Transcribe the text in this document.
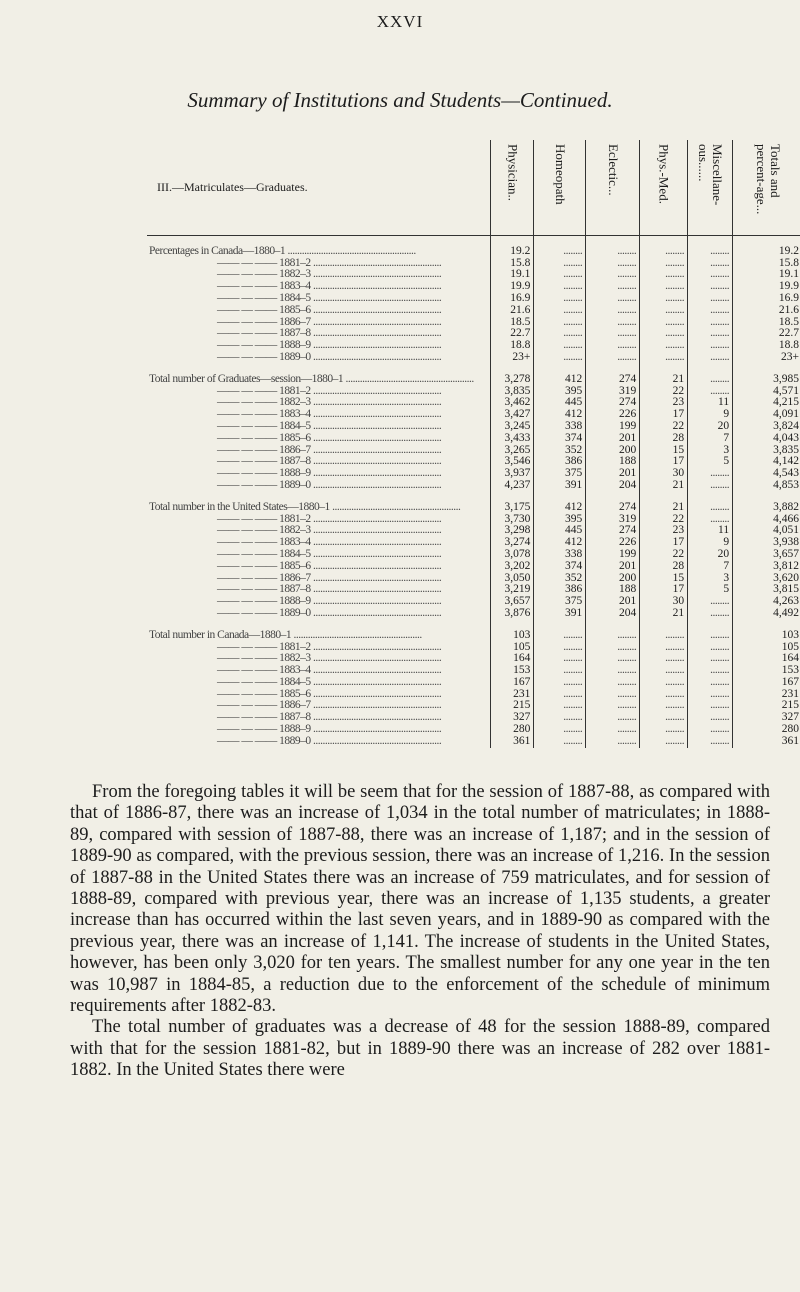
XXVI
Summary of Institutions and Students—Continued.
III.—Matriculates—Graduates.	Physician..	Homeopath	Eclectic...	Phys.-Med.	Miscellane-ous......	Totals and percent-age...

Percentages in Canada—1880–1 ......................................................	19.2	........	........	........	........	19.2
—— — —— 1881–2 ......................................................	15.8	........	........	........	........	15.8
—— — —— 1882–3 ......................................................	19.1	........	........	........	........	19.1
—— — —— 1883–4 ......................................................	19.9	........	........	........	........	19.9
—— — —— 1884–5 ......................................................	16.9	........	........	........	........	16.9
—— — —— 1885–6 ......................................................	21.6	........	........	........	........	21.6
—— — —— 1886–7 ......................................................	18.5	........	........	........	........	18.5
—— — —— 1887–8 ......................................................	22.7	........	........	........	........	22.7
—— — —— 1888–9 ......................................................	18.8	........	........	........	........	18.8
—— — —— 1889–0 ......................................................	23+	........	........	........	........	23+

Total number of Graduates—session—1880–1 ......................................................	3,278	412	274	21	........	3,985
—— — —— 1881–2 ......................................................	3,835	395	319	22	........	4,571
—— — —— 1882–3 ......................................................	3,462	445	274	23	11	4,215
—— — —— 1883–4 ......................................................	3,427	412	226	17	9	4,091
—— — —— 1884–5 ......................................................	3,245	338	199	22	20	3,824
—— — —— 1885–6 ......................................................	3,433	374	201	28	7	4,043
—— — —— 1886–7 ......................................................	3,265	352	200	15	3	3,835
—— — —— 1887–8 ......................................................	3,546	386	188	17	5	4,142
—— — —— 1888–9 ......................................................	3,937	375	201	30	........	4,543
—— — —— 1889–0 ......................................................	4,237	391	204	21	........	4,853

Total number in the United States—1880–1 ......................................................	3,175	412	274	21	........	3,882
—— — —— 1881–2 ......................................................	3,730	395	319	22	........	4,466
—— — —— 1882–3 ......................................................	3,298	445	274	23	11	4,051
—— — —— 1883–4 ......................................................	3,274	412	226	17	9	3,938
—— — —— 1884–5 ......................................................	3,078	338	199	22	20	3,657
—— — —— 1885–6 ......................................................	3,202	374	201	28	7	3,812
—— — —— 1886–7 ......................................................	3,050	352	200	15	3	3,620
—— — —— 1887–8 ......................................................	3,219	386	188	17	5	3,815
—— — —— 1888–9 ......................................................	3,657	375	201	30	........	4,263
—— — —— 1889–0 ......................................................	3,876	391	204	21	........	4,492

Total number in Canada—1880–1 ......................................................	103	........	........	........	........	103
—— — —— 1881–2 ......................................................	105	........	........	........	........	105
—— — —— 1882–3 ......................................................	164	........	........	........	........	164
—— — —— 1883–4 ......................................................	153	........	........	........	........	153
—— — —— 1884–5 ......................................................	167	........	........	........	........	167
—— — —— 1885–6 ......................................................	231	........	........	........	........	231
—— — —— 1886–7 ......................................................	215	........	........	........	........	215
—— — —— 1887–8 ......................................................	327	........	........	........	........	327
—— — —— 1888–9 ......................................................	280	........	........	........	........	280
—— — —— 1889–0 ......................................................	361	........	........	........	........	361

From the foregoing tables it will be seem that for the session of 1887-88, as compared with that of 1886-87, there was an increase of 1,034 in the total number of matriculates; in 1888-89, compared with session of 1887-88, there was an increase of 1,187; and in the session of 1889-90 as compared, with the previous session, there was an increase of 1,216. In the session of 1887-88 in the United States there was an increase of 759 matriculates, and for session of 1888-89, compared with previous year, there was an increase of 1,135 students, a greater increase than has occurred within the last seven years, and in 1889-90 as compared with the previous year, there was an increase of 1,141. The increase of students in the United States, however, has been only 3,020 for ten years. The smallest number for any one year in the ten was 10,987 in 1884-85, a reduction due to the enforcement of the schedule of minimum requirements after 1882-83.

The total number of graduates was a decrease of 48 for the session 1888-89, compared with that for the session 1881-82, but in 1889-90 there was an increase of 282 over 1881-1882. In the United States there were
